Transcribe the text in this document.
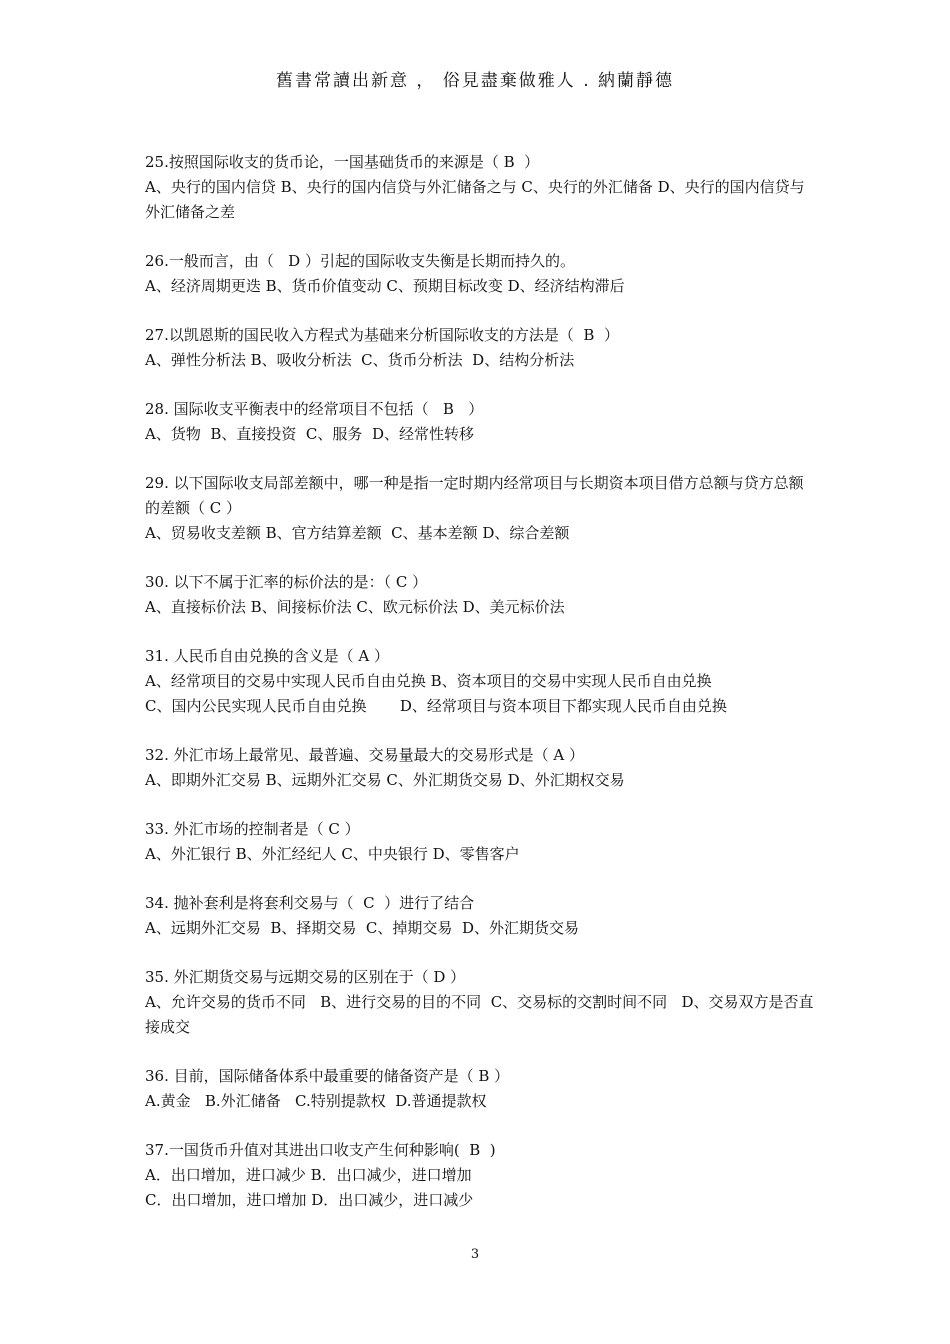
舊書常讀出新意 ， 俗見盡棄做雅人 . 納蘭靜德
25.按照国际收支的货币论，一国基础货币的来源是（ B  ）
A、央行的国内信贷 B、央行的国内信贷与外汇储备之与 C、央行的外汇储备 D、央行的国内信贷与外汇储备之差
26.一般而言，由（   D ）引起的国际收支失衡是长期而持久的。
A、经济周期更迭 B、货币价值变动 C、预期目标改变 D、经济结构滞后
27.以凯恩斯的国民收入方程式为基础来分析国际收支的方法是（  B  ）
A、弹性分析法 B、吸收分析法  C、货币分析法  D、结构分析法
28. 国际收支平衡表中的经常项目不包括（   B   ）
A、货物  B、直接投资  C、服务  D、经常性转移
29. 以下国际收支局部差额中，哪一种是指一定时期内经常项目与长期资本项目借方总额与贷方总额的差额（ C ）
A、贸易收支差额 B、官方结算差额  C、基本差额 D、综合差额
30. 以下不属于汇率的标价法的是：（ C ）
A、直接标价法 B、间接标价法 C、欧元标价法 D、美元标价法
31. 人民币自由兑换的含义是（ A ）
A、经常项目的交易中实现人民币自由兑换 B、资本项目的交易中实现人民币自由兑换
C、国内公民实现人民币自由兑换       D、经常项目与资本项目下都实现人民币自由兑换
32. 外汇市场上最常见、最普遍、交易量最大的交易形式是（ A ）
A、即期外汇交易 B、远期外汇交易 C、外汇期货交易 D、外汇期权交易
33. 外汇市场的控制者是（ C ）
A、外汇银行 B、外汇经纪人 C、中央银行 D、零售客户
34. 抛补套利是将套利交易与（  C  ）进行了结合
A、远期外汇交易  B、择期交易  C、掉期交易  D、外汇期货交易
35. 外汇期货交易与远期交易的区别在于（ D ）
A、允许交易的货币不同   B、进行交易的目的不同  C、交易标的交割时间不同   D、交易双方是否直接成交
36. 目前，国际储备体系中最重要的储备资产是（ B ）
A.黄金   B.外汇储备   C.特别提款权  D.普通提款权
37.一国货币升值对其进出口收支产生何种影响(  B  )
A．出口增加，进口减少 B．出口减少，进口增加
C．出口增加，进口增加 D．出口减少，进口减少
3
